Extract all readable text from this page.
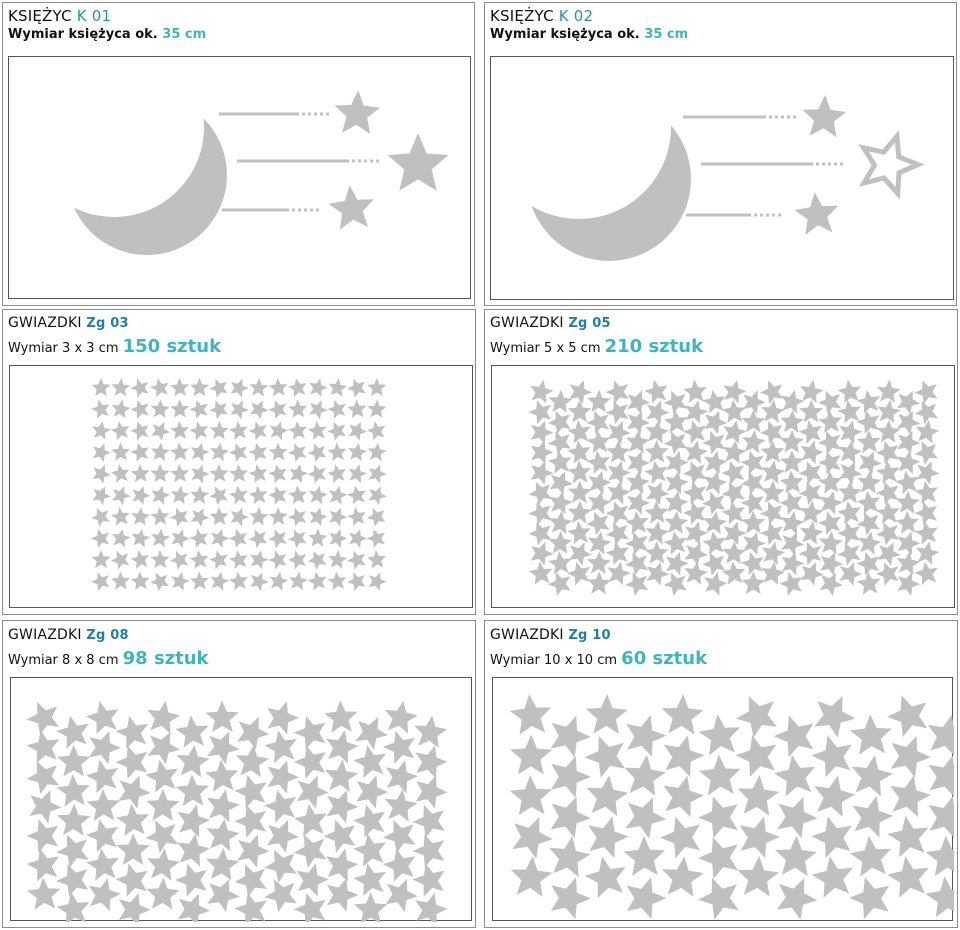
KSIĘŻYC K 01
Wymiar księżyca ok. 35 cm
KSIĘŻYC K 02
Wymiar księżyca ok. 35 cm
GWIAZDKI Zg 03
Wymiar 3 x 3 cm 150 sztuk
GWIAZDKI Zg 05
Wymiar 5 x 5 cm 210 sztuk
GWIAZDKI Zg 08
Wymiar 8 x 8 cm 98 sztuk
GWIAZDKI Zg 10
Wymiar 10 x 10 cm 60 sztuk
